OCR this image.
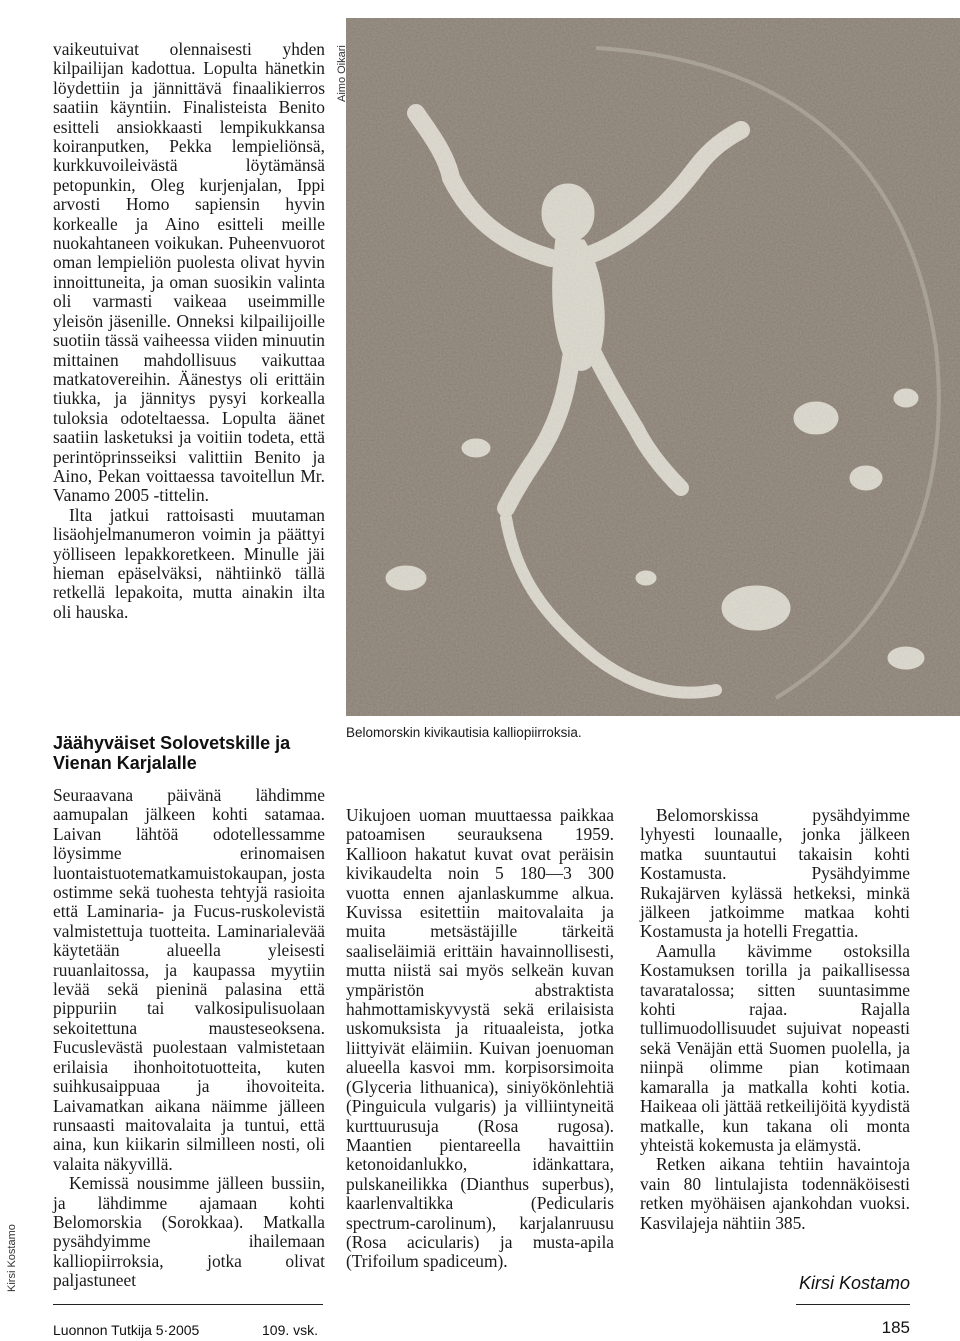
vaikeutuivat olennaisesti yhden kilpailijan kadottua. Lopulta hänetkin löydettiin ja jännittävä finaalikierros saatiin käyntiin. Finalisteista Benito esitteli ansiokkaasti lempikukkansa koiranputken, Pekka lempieliönsä, kurkkuvoileivästä löytämänsä petopunkin, Oleg kurjenjalan, Ippi arvosti Homo sapiensin hyvin korkealle ja Aino esitteli meille nuokahtaneen voikukan. Puheenvuorot oman lempieliön puolesta olivat hyvin innoittuneita, ja oman suosikin valinta oli varmasti vaikeaa useimmille yleisön jäsenille. Onneksi kilpailijoille suotiin tässä vaiheessa viiden minuutin mittainen mahdollisuus vaikuttaa matkatovereihin. Äänestys oli erittäin tiukka, ja jännitys pysyi korkealla tuloksia odoteltaessa. Lopulta äänet saatiin lasketuksi ja voitiin todeta, että perintöprinsseiksi valittiin Benito ja Aino, Pekan voittaessa tavoitellun Mr. Vanamo 2005 -tittelin.

Ilta jatkui rattoisasti muutaman lisäohjelmanumeron voimin ja päättyi yölliseen lepakkoretkeen. Minulle jäi hieman epäselväksi, nähtiinkö tällä retkellä lepakoita, mutta ainakin ilta oli hauska.

Jäähyväiset Solovetskille ja Vienan Karjalalle

Seuraavana päivänä lähdimme aamupalan jälkeen kohti satamaa. Laivan lähtöä odotellessamme löysimme erinomaisen luontaistuotematkamuistokaupan, josta ostimme sekä tuohesta tehtyjä rasioita että Laminaria- ja Fucus-ruskolevistä valmistettuja tuotteita. Laminarialevää käytetään alueella yleisesti ruuanlaitossa, ja kaupassa myytiin levää sekä pieninä palasina että pippuriin tai valkosipulisuolaan sekoitettuna mausteseoksena. Fucuslevästä puolestaan valmistetaan erilaisia ihonhoitotuotteita, kuten suihkusaippuaa ja ihovoiteita. Laivamatkan aikana näimme jälleen runsaasti maitovalaita ja tuntui, että aina, kun kiikarin silmilleen nosti, oli valaita näkyvillä.

Kemissä nousimme jälleen bussiin, ja lähdimme ajamaan kohti Belomorskia (Sorokkaa). Matkalla pysähdyimme ihailemaan kalliopiirroksia, jotka olivat paljastuneet

Aimo Oikari
Kirsi Kostamo
Belomorskin kivikautisia kalliopiirroksia.

Uikujoen uoman muuttaessa paikkaa patoamisen seurauksena 1959. Kallioon hakatut kuvat ovat peräisin kivikaudelta noin 5 180—3 300 vuotta ennen ajanlaskumme alkua. Kuvissa esitettiin maitovalaita ja muita metsästäjille tärkeitä saaliseläimiä erittäin havainnollisesti, mutta niistä sai myös selkeän kuvan ympäristön abstraktista hahmottamiskyvystä sekä erilaisista uskomuksista ja rituaaleista, jotka liittyivät eläimiin. Kuivan joenuoman alueella kasvoi mm. korpisorsimoita (Glyceria lithuanica), siniyökönlehtiä (Pinguicula vulgaris) ja villiintyneitä kurttuurusuja (Rosa rugosa). Maantien pientareella havaittiin ketonoidanlukko, idänkattara, pulskaneilikka (Dianthus superbus), kaarlenvaltikka (Pedicularis spectrum-carolinum), karjalanruusu (Rosa acicularis) ja musta-apila (Trifoilum spadiceum).

Belomorskissa pysähdyimme lyhyesti lounaalle, jonka jälkeen matka suuntautui takaisin kohti Kostamusta. Pysähdyimme Rukajärven kylässä hetkeksi, minkä jälkeen jatkoimme matkaa kohti Kostamusta ja hotelli Fregattia.

Aamulla kävimme ostoksilla Kostamuksen torilla ja paikallisessa tavaratalossa; sitten suuntasimme kohti rajaa. Rajalla tullimuodollisuudet sujuivat nopeasti sekä Venäjän että Suomen puolella, ja niinpä olimme pian kotimaan kamaralla ja matkalla kohti kotia. Haikeaa oli jättää retkeilijöitä kyydistä matkalle, kun takana oli monta yhteistä kokemusta ja elämystä.

Retken aikana tehtiin havaintoja vain 80 lintulajista todennäköisesti retken myöhäisen ajankohdan vuoksi. Kasvilajeja nähtiin 385.

Kirsi Kostamo
Luonnon Tutkija 5·2005	109. vsk.	185
